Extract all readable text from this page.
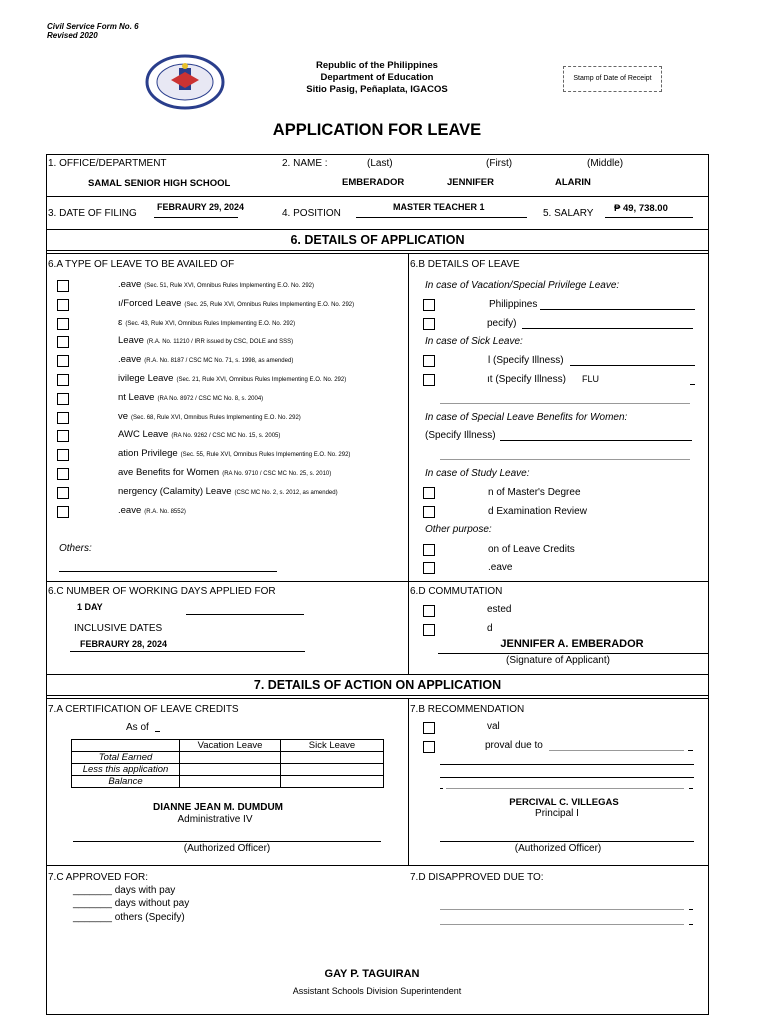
Civil Service Form No. 6
Revised 2020
Republic of the Philippines
Department of Education
Sitio Pasig, Peñaplata, IGACOS
Stamp of Date of Receipt
APPLICATION FOR LEAVE
1. OFFICE/DEPARTMENT
SAMAL SENIOR HIGH SCHOOL
2. NAME :	(Last)	(First)	(Middle)
EMBERADOR	JENNIFER	ALARIN
3. DATE OF FILING
FEBRAURY 29, 2024
4. POSITION
MASTER TEACHER 1
5. SALARY ₱ 49, 738.00
6. DETAILS OF APPLICATION
6.A TYPE OF LEAVE TO BE AVAILED OF	6.B DETAILS OF LEAVE
.eave (Sec. 51, Rule XVI, Omnibus Rules Implementing E.O. No. 292)
ı/Forced Leave (Sec. 25, Rule XVI, Omnibus Rules Implementing E.O. No. 292)
ɛ (Sec. 43, Rule XVI, Omnibus Rules Implementing E.O. No. 292)
Leave (R.A. No. 11210 / IRR issued by CSC, DOLE and SSS)
.eave (R.A. No. 8187 / CSC MC No. 71, s. 1998, as amended)
ivilege Leave (Sec. 21, Rule XVI, Omnibus Rules Implementing E.O. No. 292)
nt Leave (RA No. 8972 / CSC MC No. 8, s. 2004)
ve (Sec. 68, Rule XVI, Omnibus Rules Implementing E.O. No. 292)
AWC Leave (RA No. 9262 / CSC MC No. 15, s. 2005)
ation Privilege (Sec. 55, Rule XVI, Omnibus Rules Implementing E.O. No. 292)
ave Benefits for Women (RA No. 9710 / CSC MC No. 25, s. 2010)
nergency (Calamity) Leave (CSC MC No. 2, s. 2012, as amended)
.eave (R.A. No. 8552)
Others:
In case of Vacation/Special Privilege Leave:
Philippines
pecify)
In case of Sick Leave:
l (Specify Illness)
ıt (Specify Illness) FLU
In case of Special Leave Benefits for Women:
(Specify Illness)
In case of Study Leave:
n of Master's Degree
d Examination Review
Other purpose:
on of Leave Credits
.eave
6.C NUMBER OF WORKING DAYS APPLIED FOR
1 DAY
INCLUSIVE DATES
FEBRAURY 28, 2024
6.D COMMUTATION
ested
d
JENNIFER A. EMBERADOR
(Signature of Applicant)
7. DETAILS OF ACTION ON APPLICATION
7.A CERTIFICATION OF LEAVE CREDITS
As of
	Vacation Leave	Sick Leave
Total Earned		
Less this application		
Balance		
DIANNE JEAN M. DUMDUM
Administrative IV
(Authorized Officer)
7.B RECOMMENDATION
val
proval due to
PERCIVAL C. VILLEGAS
Principal I
(Authorized Officer)
7.C APPROVED FOR:
_______ days with pay
_______ days without pay
_______ others (Specify)
7.D DISAPPROVED DUE TO:
GAY P. TAGUIRAN
Assistant Schools Division Superintendent
